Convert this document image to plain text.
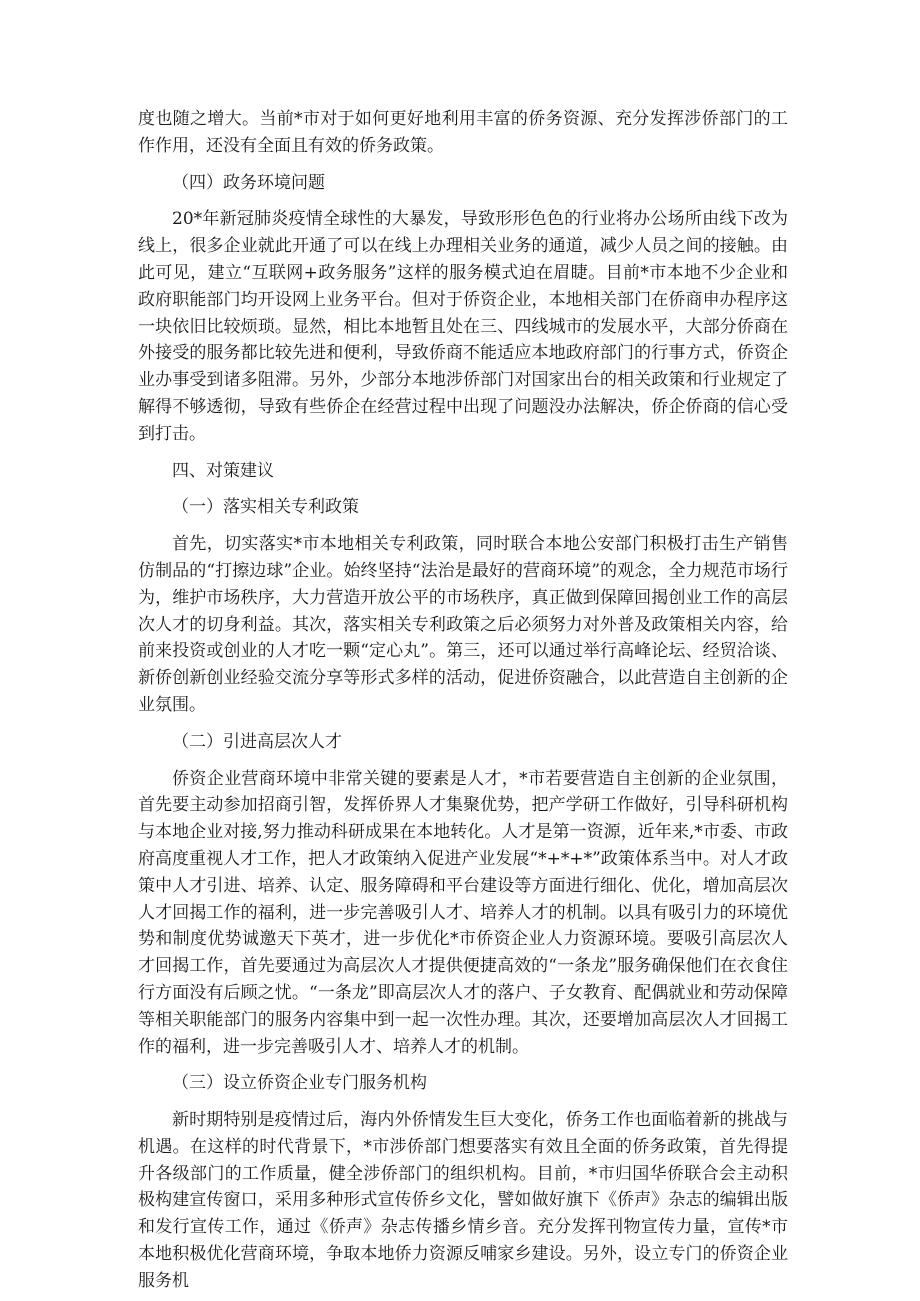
度也随之增大。当前*市对于如何更好地利用丰富的侨务资源、充分发挥涉侨部门的工作作用，还没有全面且有效的侨务政策。

（四）政务环境问题

20*年新冠肺炎疫情全球性的大暴发，导致形形色色的行业将办公场所由线下改为线上，很多企业就此开通了可以在线上办理相关业务的通道，减少人员之间的接触。由此可见，建立“互联网+政务服务”这样的服务模式迫在眉睫。目前*市本地不少企业和政府职能部门均开设网上业务平台。但对于侨资企业，本地相关部门在侨商申办程序这一块依旧比较烦琐。显然，相比本地暂且处在三、四线城市的发展水平，大部分侨商在外接受的服务都比较先进和便利，导致侨商不能适应本地政府部门的行事方式，侨资企业办事受到诸多阻滞。另外，少部分本地涉侨部门对国家出台的相关政策和行业规定了解得不够透彻，导致有些侨企在经营过程中出现了问题没办法解决，侨企侨商的信心受到打击。

四、对策建议

（一）落实相关专利政策

首先，切实落实*市本地相关专利政策，同时联合本地公安部门积极打击生产销售仿制品的“打擦边球”企业。始终坚持“法治是最好的营商环境”的观念，全力规范市场行为，维护市场秩序，大力营造开放公平的市场秩序，真正做到保障回揭创业工作的高层次人才的切身利益。其次，落实相关专利政策之后必须努力对外普及政策相关内容，给前来投资或创业的人才吃一颗“定心丸”。第三，还可以通过举行高峰论坛、经贸洽谈、新侨创新创业经验交流分享等形式多样的活动，促进侨资融合，以此营造自主创新的企业氛围。

（二）引进高层次人才

侨资企业营商环境中非常关键的要素是人才，*市若要营造自主创新的企业氛围，首先要主动参加招商引智，发挥侨界人才集聚优势，把产学研工作做好，引导科研机构与本地企业对接,努力推动科研成果在本地转化。人才是第一资源，近年来,*市委、市政府高度重视人才工作，把人才政策纳入促进产业发展“*+*+*”政策体系当中。对人才政策中人才引进、培养、认定、服务障碍和平台建设等方面进行细化、优化，增加高层次人才回揭工作的福利，进一步完善吸引人才、培养人才的机制。以具有吸引力的环境优势和制度优势诚邀天下英才，进一步优化*市侨资企业人力资源环境。要吸引高层次人才回揭工作，首先要通过为高层次人才提供便捷高效的“一条龙”服务确保他们在衣食住行方面没有后顾之忧。“一条龙”即高层次人才的落户、子女教育、配偶就业和劳动保障等相关职能部门的服务内容集中到一起一次性办理。其次，还要增加高层次人才回揭工作的福利，进一步完善吸引人才、培养人才的机制。

（三）设立侨资企业专门服务机构

新时期特别是疫情过后，海内外侨情发生巨大变化，侨务工作也面临着新的挑战与机遇。在这样的时代背景下，*市涉侨部门想要落实有效且全面的侨务政策，首先得提升各级部门的工作质量，健全涉侨部门的组织机构。目前，*市归国华侨联合会主动积极构建宣传窗口，采用多种形式宣传侨乡文化，譬如做好旗下《侨声》杂志的编辑出版和发行宣传工作，通过《侨声》杂志传播乡情乡音。充分发挥刊物宣传力量，宣传*市本地积极优化营商环境，争取本地侨力资源反哺家乡建设。另外，设立专门的侨资企业服务机
